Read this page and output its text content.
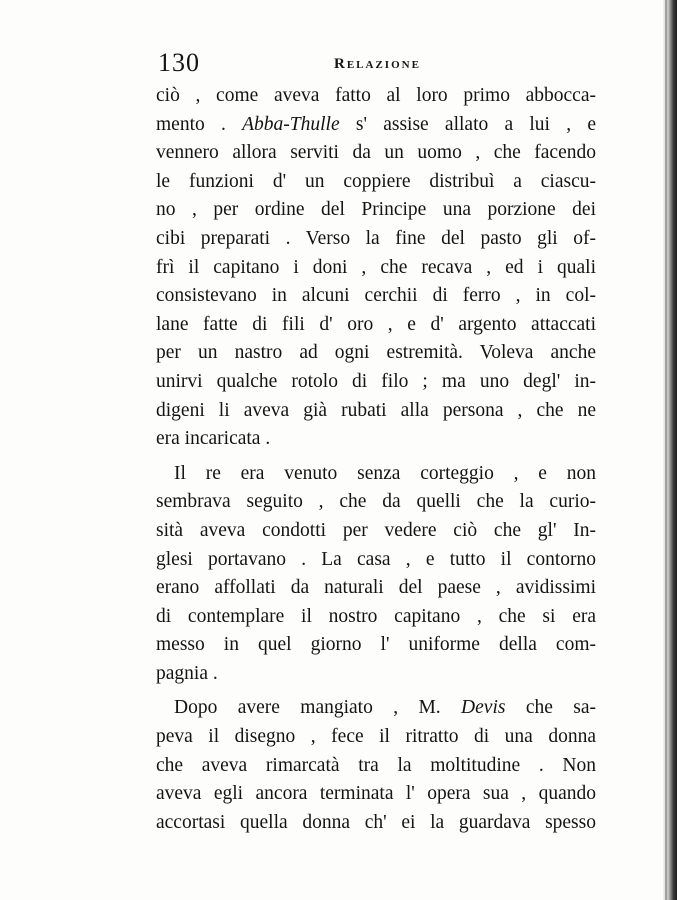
130	Relazione
ciò , come aveva fatto al loro primo abbocca-
mento . Abba-Thulle s' assise allato a lui , e
vennero allora serviti da un uomo , che facendo
le funzioni d' un coppiere distribuì a ciascu-
no , per ordine del Principe una porzione dei
cibi preparati . Verso la fine del pasto gli of-
frì il capitano i doni , che recava , ed i quali
consistevano in alcuni cerchii di ferro , in col-
lane fatte di fili d' oro , e d' argento attaccati
per un nastro ad ogni estremità. Voleva anche
unirvi qualche rotolo di filo ; ma uno degl' in-
digeni li aveva già rubati alla persona , che ne
era incaricata .
Il re era venuto senza corteggio , e non
sembrava seguito , che da quelli che la curio-
sità aveva condotti per vedere ciò che gl' In-
glesi portavano . La casa , e tutto il contorno
erano affollati da naturali del paese , avidissimi
di contemplare il nostro capitano , che si era
messo in quel giorno l' uniforme della com-
pagnia .
Dopo avere mangiato , M. Devis che sa-
peva il disegno , fece il ritratto di una donna
che aveva rimarcatà tra la moltitudine . Non
aveva egli ancora terminata l' opera sua , quando
accortasi quella donna ch' ei la guardava spesso
